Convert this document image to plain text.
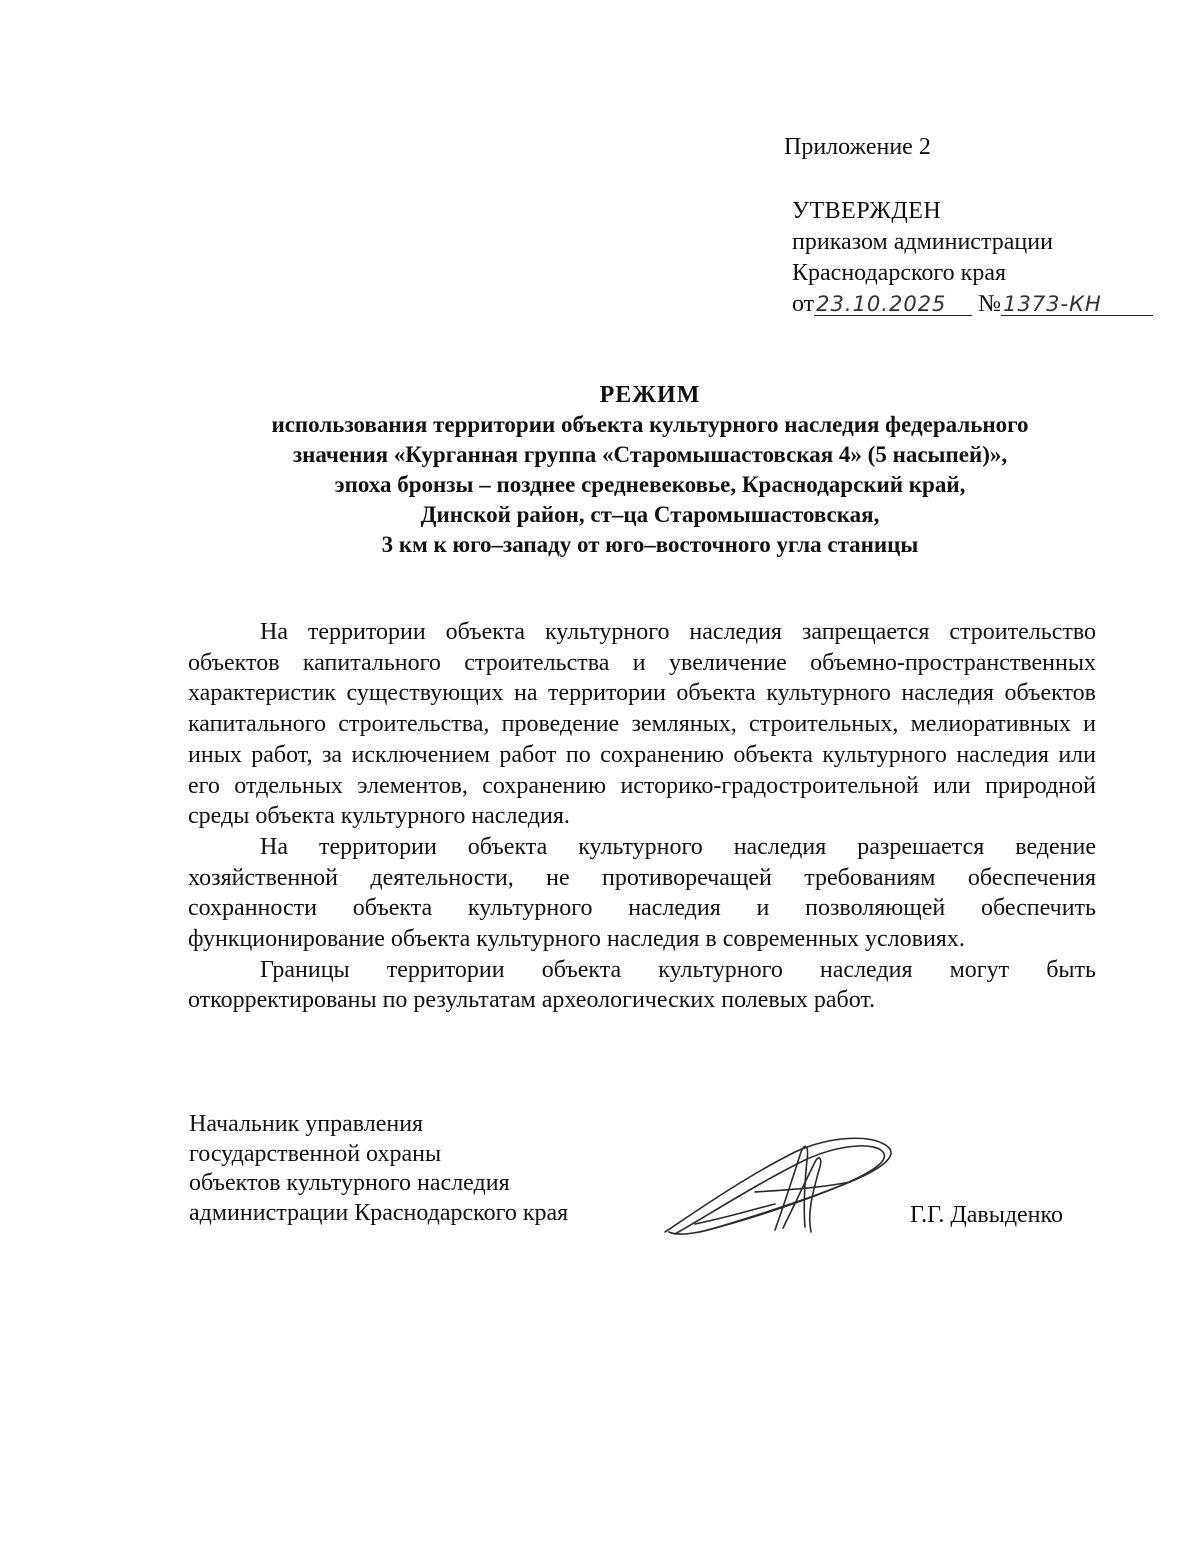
Приложение 2
УТВЕРЖДЕН
приказом администрации
Краснодарского края
от23.10.2025 №1373-КН
РЕЖИМ
использования территории объекта культурного наследия федерального
значения «Курганная группа «Старомышастовская 4» (5 насыпей)»,
эпоха бронзы – позднее средневековье, Краснодарский край,
Динской район, ст–ца Старомышастовская,
3 км к юго–западу от юго–восточного угла станицы

На территории объекта культурного наследия запрещается строительство объектов капитального строительства и увеличение объемно-пространственных характеристик существующих на территории объекта культурного наследия объектов капитального строительства, проведение земляных, строительных, мелиоративных и иных работ, за исключением работ по сохранению объекта культурного наследия или его отдельных элементов, сохранению историко-градостроительной или природной среды объекта культурного наследия.

На территории объекта культурного наследия разрешается ведение хозяйственной деятельности, не противоречащей требованиям обеспечения сохранности объекта культурного наследия и позволяющей обеспечить функционирование объекта культурного наследия в современных условиях.

Границы территории объекта культурного наследия могут быть откорректированы по результатам археологических полевых работ.

Начальник управления
государственной охраны
объектов культурного наследия
администрации Краснодарского края	Г.Г. Давыденко
